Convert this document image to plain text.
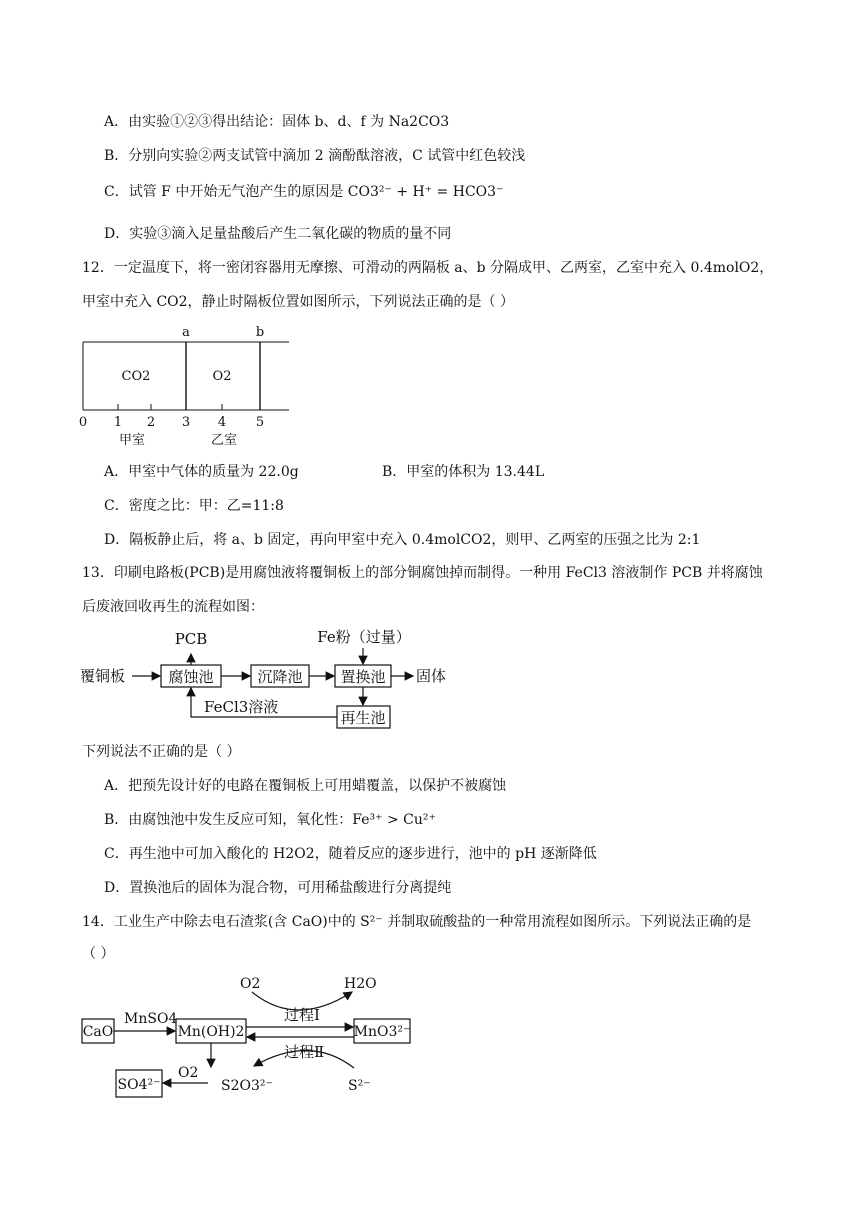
A．由实验①②③得出结论：固体 b、d、f 为 Na2CO3
B．分别向实验②两支试管中滴加 2 滴酚酞溶液，C 试管中红色较浅
C．试管 F 中开始无气泡产生的原因是 CO3²⁻ + H⁺ = HCO3⁻
D．实验③滴入足量盐酸后产生二氧化碳的物质的量不同
12．一定温度下，将一密闭容器用无摩擦、可滑动的两隔板 a、b 分隔成甲、乙两室，乙室中充入 0.4molO2，
甲室中充入 CO2，静止时隔板位置如图所示，下列说法正确的是（ ）
a	b
CO2	O2
0 1 2 3 4 5
甲室	乙室
A．甲室中气体的质量为 22.0g	B．甲室的体积为 13.44L
C．密度之比：甲：乙=11:8
D．隔板静止后，将 a、b 固定，再向甲室中充入 0.4molCO2，则甲、乙两室的压强之比为 2:1
13．印刷电路板(PCB)是用腐蚀液将覆铜板上的部分铜腐蚀掉而制得。一种用 FeCl3 溶液制作 PCB 并将腐蚀
后废液回收再生的流程如图：
覆铜板	腐蚀池
PCB
沉降池
Fe粉（过量）
置换池 固体
再生池
FeCl3溶液
下列说法不正确的是（ ）
A．把预先设计好的电路在覆铜板上可用蜡覆盖，以保护不被腐蚀
B．由腐蚀池中发生反应可知，氧化性：Fe³⁺ > Cu²⁺
C．再生池中可加入酸化的 H2O2，随着反应的逐步进行，池中的 pH 逐渐降低
D．置换池后的固体为混合物，可用稀盐酸进行分离提纯
14．工业生产中除去电石渣浆(含 CaO)中的 S²⁻ 并制取硫酸盐的一种常用流程如图所示。下列说法正确的是
（ ）
O2	H2O
过程Ⅰ
过程Ⅱ
CaO
MnSO4
Mn(OH)2	MnO3²⁻
S²⁻
S2O3²⁻
O2
SO4²⁻
